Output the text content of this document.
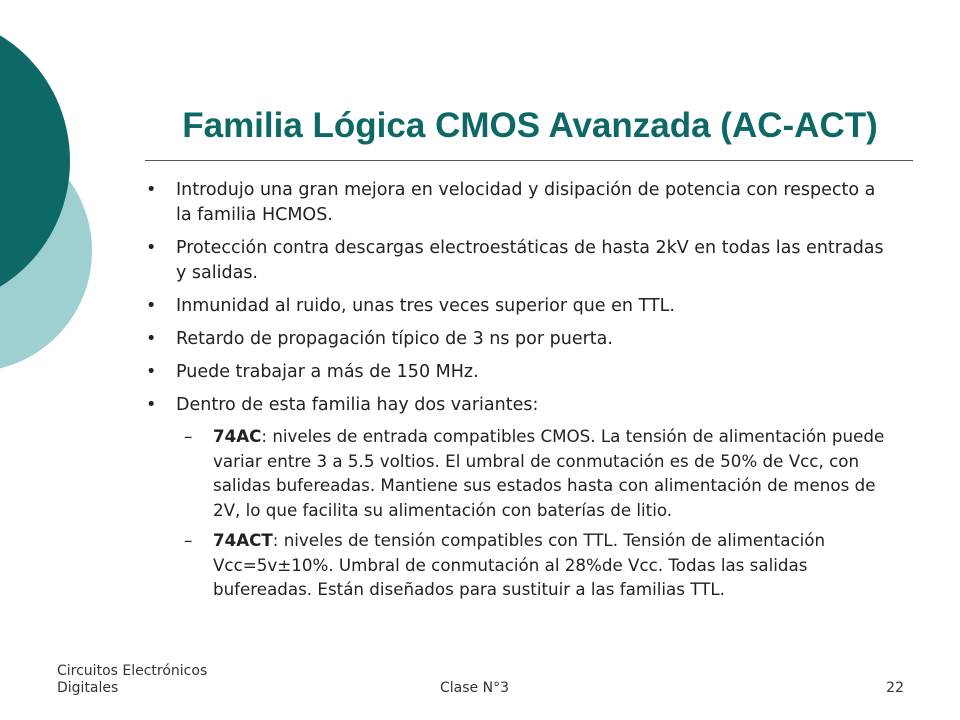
Familia Lógica CMOS Avanzada (AC-ACT)
• Introdujo una gran mejora en velocidad y disipación de potencia con respecto a la familia HCMOS.
• Protección contra descargas electroestáticas de hasta 2kV en todas las entradas y salidas.
• Inmunidad al ruido, unas tres veces superior que en TTL.
• Retardo de propagación típico de 3 ns por puerta.
• Puede trabajar a más de 150 MHz.
• Dentro de esta familia hay dos variantes:
– 74AC: niveles de entrada compatibles CMOS. La tensión de alimentación puede variar entre 3 a 5.5 voltios. El umbral de conmutación es de 50% de Vcc, con salidas bufereadas. Mantiene sus estados hasta con alimentación de menos de 2V, lo que facilita su alimentación con baterías de litio.
– 74ACT: niveles de tensión compatibles con TTL. Tensión de alimentación Vcc=5v±10%. Umbral de conmutación al 28%de Vcc. Todas las salidas bufereadas. Están diseñados para sustituir a las familias TTL.
Circuitos Electrónicos
Digitales	Clase N°3	22
